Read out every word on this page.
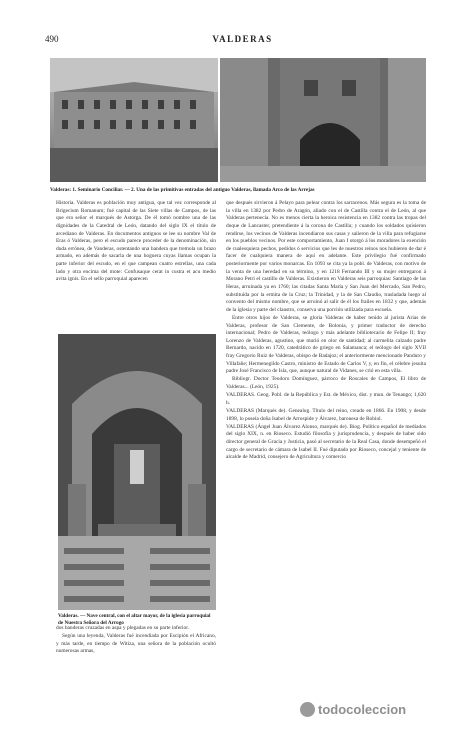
490	VALDERAS
Valderas: 1. Seminario Conciliar. — 2. Una de las primitivas entradas del antiguo Valderas, llamada Arco de las Arrejas

Historia. Valderas es población muy antigua, que tal vez corresponde al Brigecium Romanum; fué capital de las Siete villas de Campos, de las que era señor el marqués de Astorga. De él tomó nombre una de las dignidades de la Catedral de León, datando del siglo IX el título de arcediano de Valderas. En documentos antiguos se lee su nombre Val de Eras ó Valderas, pero el escudo parece proceder de la denominación, sin duda errónea, de Vanderas, ostentando una bandera que tremola un brazo armado, en además de sacarla de una hoguera cuyas llamas ocupan la parte inferior del escudo, en el que campean cuatro estrellas, una cada lado y otra encima del mote: Confusaque cerat in custra et acu medio avita ignis. En el sello parroquial aparecen

Valderas. — Nave central, con el altar mayor, de la iglesia parroquial de Nuestra Señora del Arrogo

dos banderas cruzadas en aspa y plegadas en su parte inferior.

Según una leyenda, Valderas fué incendiada por Escipión el Africano, y más tarde, en tiempo de Witiza, una señora de la población ocultó numerosas armas,

que después sirvieron á Pelayo para pelear contra los sarracenos. Más segura es la toma de la villa en 1382 por Pedro de Aragón, aliado con el de Castilla contra el de León, al que Valderas pertenecía. No es menos cierta la heroica resistencia en 1382 contra las tropas del duque de Lancaster, pretendiente á la corona de Castilla; y cuando los soldados quisieron rendirse, los vecinos de Valderas incendiaron sus casas y salieron de la villa para refugiarse en los pueblos vecinos. Por este comportamiento, Juan I otorgó á los moradores la exención de cualesquiera pechos, pedidos ó servicios que les de nuestros reinos nos hubieren de dar é facer de cualquiera manera de aquí en adelante. Este privilegio fué confirmado posteriormente por varios monarcas. En 1093 se cita ya la pobl. de Valderas, con motivo de la venta de una heredad en su término, y en 1218 Fernando III y su mujer entregaron á Morano Petri el castillo de Valderas. Existieron en Valderas seis parroquias: Santiago de las Heras, arruinada ya en 1760; las citadas Santa María y San Juan del Mercado, San Pedro, substituída por la ermita de la Cruz; la Trinidad, y la de San Claudio, trasladada luego al convento del mismo nombre, que se arruinó al salir de él los frailes en 1832 y que, además de la iglesia y parte del claustro, conserva una porción utilizada para escuela.

Entre otros hijos de Valderas, se gloria Valderas de haber tenido al jurista Arias de Valderas, profesor de San Clemente, de Bolonia, y primer traductor de derecho internacional; Pedro de Valderas, teólogo y más adelante bibliotecario de Felipe II; fray Lorenzo de Valderas, agustino, que murió en olor de santidad; al carmelita calzado padre Bernardo, nacido en 1720, catedrático de griego en Salamanca; el teólogo del siglo XVII fray Gregorio Ruiz de Valderas, obispo de Badajoz; el anteriormente mencionado Panduro y Villafañe; Hermenegildo Castro, ministro de Estado de Carlos V, y, en fin, el célebre jesuita padre José Francisco de Isla, que, aunque natural de Vidanes, se crió en esta villa.

Bibliogr. Doctor Teodoro Domínguez, párroco de Roscales de Campos, El libro de Valderas... (León, 1925).

VALDERAS. Geog. Pobl. de la República y Est. de México, dist. y mun. de Tenango; 1,620 h.

VALDERAS (Marqués de). Genealog. Título del reino, creado en 1866. En 1908, y desde 1898, lo poseía doña Isabel de Arrospide y Álvarez, baronesa de Robiol.

VALDERAS (Ángel Juan Álvarez Alonso, marqués de). Biog. Político español de mediados del siglo XIX, n. en Rioseco. Estudió filosofía y jurisprudencia, y después de haber sido director general de Gracia y Justicia, pasó al secretario de la Real Casa, donde desempeñó el cargo de secretario de cámara de Isabel II. Fué diputado por Rioseco, concejal y teniente de alcalde de Madrid, consejero de Agricultura y comercio

todocoleccion
